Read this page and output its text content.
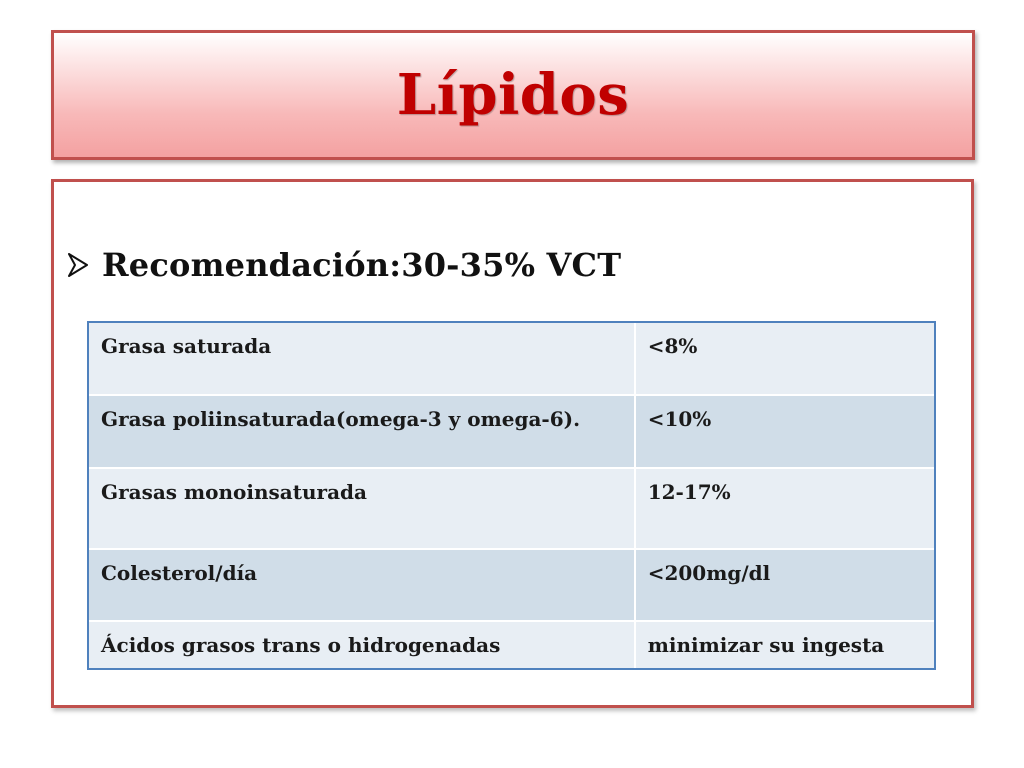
Lípidos
Recomendación:30-35% VCT
Grasa saturada	<8%
Grasa poliinsaturada(omega-3 y omega-6).	<10%
Grasas monoinsaturada	12-17%
Colesterol/día	<200mg/dl
Ácidos grasos trans o hidrogenadas	minimizar su ingesta
